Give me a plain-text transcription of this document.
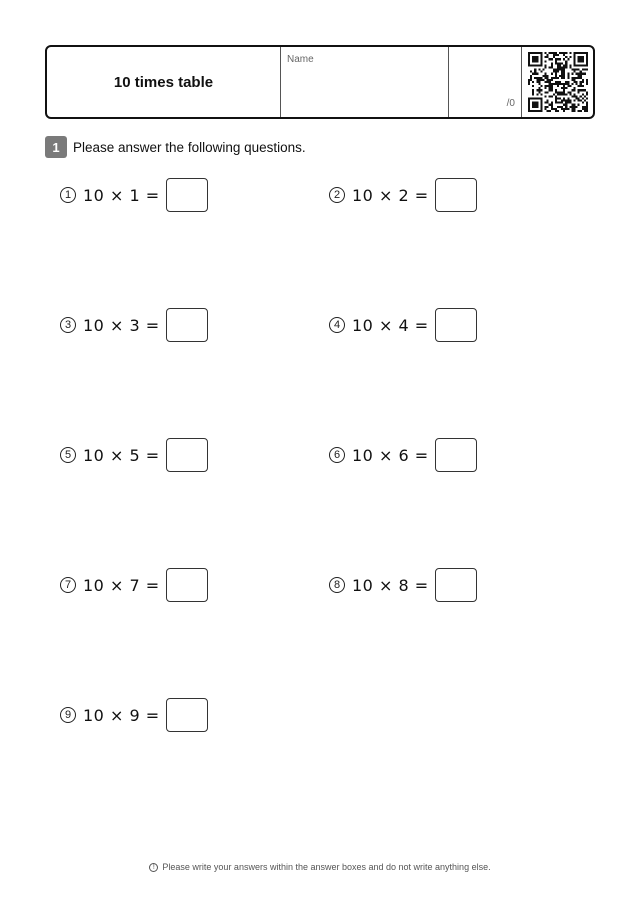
10 times table
Name
/0
1 Please answer the following questions.
1 10 × 1 =	2 10 × 2 =
3 10 × 3 =	4 10 × 4 =
5 10 × 5 =	6 10 × 6 =
7 10 × 7 =	8 10 × 8 =
9 10 × 9 =
! Please write your answers within the answer boxes and do not write anything else.
